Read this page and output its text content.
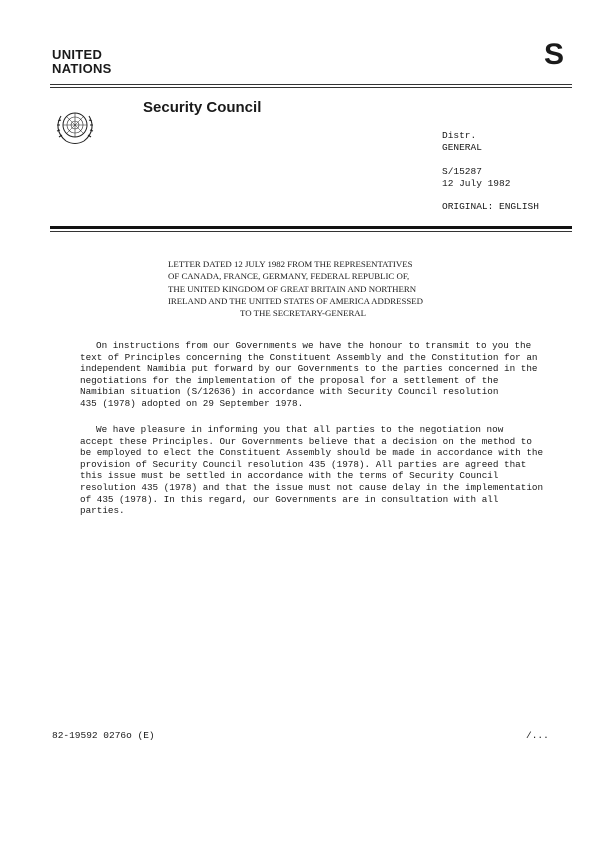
UNITED
NATIONS	S
Security Council
Distr.
GENERAL
S/15287
12 July 1982
ORIGINAL: ENGLISH
LETTER DATED 12 JULY 1982 FROM THE REPRESENTATIVES
OF CANADA, FRANCE, GERMANY, FEDERAL REPUBLIC OF,
THE UNITED KINGDOM OF GREAT BRITAIN AND NORTHERN
IRELAND AND THE UNITED STATES OF AMERICA ADDRESSED
TO THE SECRETARY-GENERAL
On instructions from our Governments we have the honour to transmit to you the
text of Principles concerning the Constituent Assembly and the Constitution for an
independent Namibia put forward by our Governments to the parties concerned in the
negotiations for the implementation of the proposal for a settlement of the
Namibian situation (S/12636) in accordance with Security Council resolution
435 (1978) adopted on 29 September 1978.
We have pleasure in informing you that all parties to the negotiation now
accept these Principles. Our Governments believe that a decision on the method to
be employed to elect the Constituent Assembly should be made in accordance with the
provision of Security Council resolution 435 (1978). All parties are agreed that
this issue must be settled in accordance with the terms of Security Council
resolution 435 (1978) and that the issue must not cause delay in the implementation
of 435 (1978). In this regard, our Governments are in consultation with all
parties.
82-19592 0276o (E)	/...
